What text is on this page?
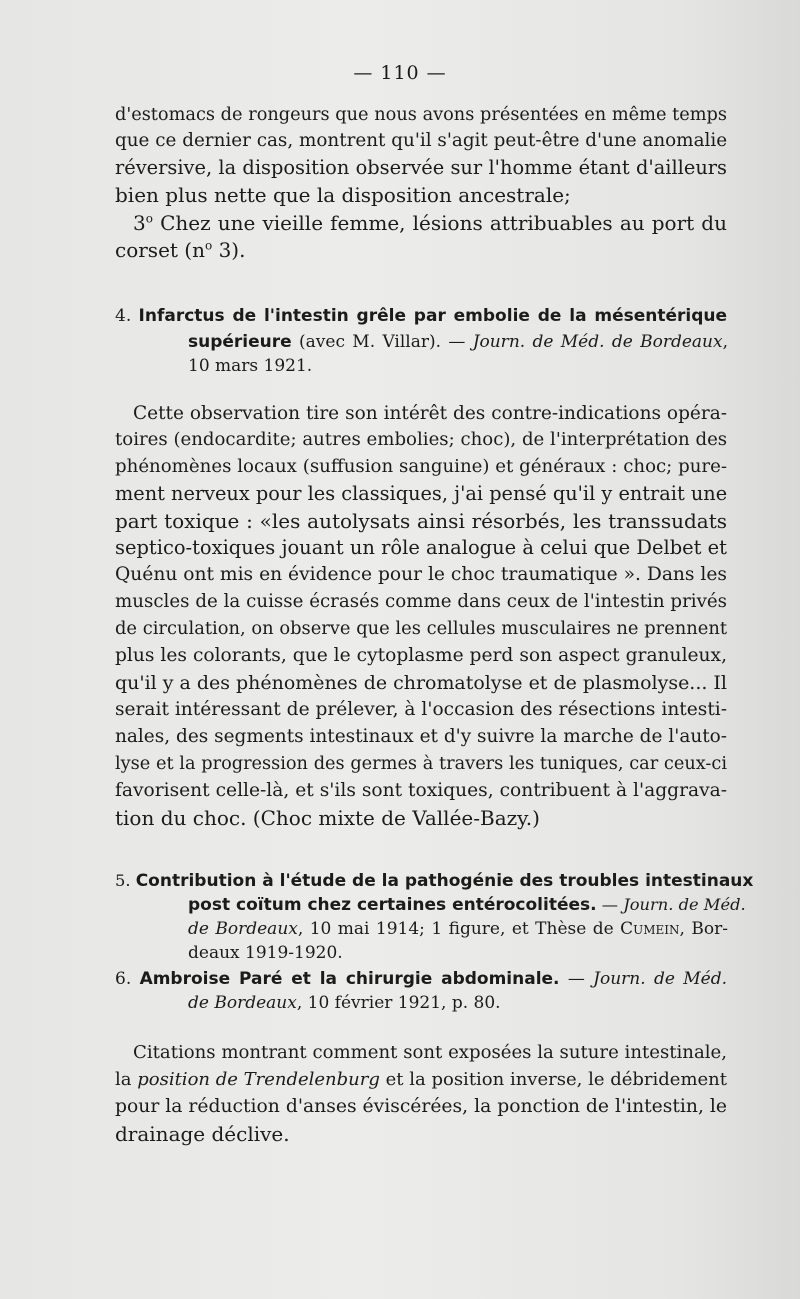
— 110 —
d'estomacs de rongeurs que nous avons présentées en même temps
que ce dernier cas, montrent qu'il s'agit peut-être d'une anomalie
réversive, la disposition observée sur l'homme étant d'ailleurs
bien plus nette que la disposition ancestrale;
3$^o$ Chez une vieille femme, lésions attribuables au port du
corset ($n^o$ 3).
4. Infarctus de l'intestin grêle par embolie de la mésentérique
supérieure (avec M. Villar). — Journ. de Méd. de Bordeaux,
10 mars 1921.
Cette observation tire son intérêt des contre-indications opéra-
toires (endocardite; autres embolies; choc), de l'interprétation des
phénomènes locaux (suffusion sanguine) et généraux : choc; pure-
ment nerveux pour les classiques, j'ai pensé qu'il y entrait une
part toxique : «les autolysats ainsi résorbés, les transsudats
septico-toxiques jouant un rôle analogue à celui que Delbet et
Quénu ont mis en évidence pour le choc traumatique ». Dans les
muscles de la cuisse écrasés comme dans ceux de l'intestin privés
de circulation, on observe que les cellules musculaires ne prennent
plus les colorants, que le cytoplasme perd son aspect granuleux,
qu'il y a des phénomènes de chromatolyse et de plasmolyse... Il
serait intéressant de prélever, à l'occasion des résections intesti-
nales, des segments intestinaux et d'y suivre la marche de l'auto-
lyse et la progression des germes à travers les tuniques, car ceux-ci
favorisent celle-là, et s'ils sont toxiques, contribuent à l'aggrava-
tion du choc. (Choc mixte de Vallée-Bazy.)
5. Contribution à l'étude de la pathogénie des troubles intestinaux
post coïtum chez certaines entérocolitées. — Journ. de Méd.
de Bordeaux, 10 mai 1914; 1 figure, et Thèse de Cumein, Bor-
deaux 1919-1920.
6. Ambroise Paré et la chirurgie abdominale. — Journ. de Méd.
de Bordeaux, 10 février 1921, p. 80.
Citations montrant comment sont exposées la suture intestinale,
la position de Trendelenburg et la position inverse, le débridement
pour la réduction d'anses éviscérées, la ponction de l'intestin, le
drainage déclive.
